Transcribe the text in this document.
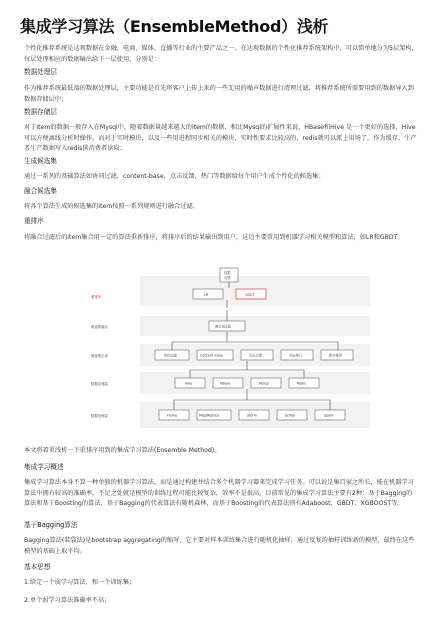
集成学习算法（EnsembleMethod）浅析
个性化推荐系统是达观数据在金融、电商、媒体、直播等行业的主要产品之一。在达观数据的个性化推荐系统架构中，可以简单地分为5层架构，每层处理相应的数据输出给下一层使用，分别是：
数据处理层
作为推荐系统最低端的数据处理层，主要功能是首先将客户上传上来的一些无用的噪声数据进行清理过滤，将推荐系统所需要用到的数据导入到数据存储层中；
数据存储层
对于item的数据一般存入在Mysql中，随着数据量越来越大的item的数据，相比Mysql的扩展性来说，HBase和Hive 是一个更好的选择，Hive可以方便离线分析时操作。而对于实时模块，以及一些用进程同步相关的模块，实时性要求比较高的，redis就可以派上用场了，作为缓存，生产者生产数据写入redis供消费者读取；
生成候选集
通过一系列的基础算法如协同过滤，content-base，点击反馈，热门等数据给每个用户生成个性化的候选集；
融合候选集
将各个算法生成的候选集的item按照一系列规则进行融合过滤。
重排序
将融合过滤后的item集合用一定的算法重新排序，将排序后的结果输出到用户，这边主要常用到机器学习相关模型和算法，如LR和GBDT。
重排序
候选集融合
候选集生成
数据存储层
数据处理层
结果
反馈
LR	GBDT
融合&过滤
协同过滤	Content -base	点击反馈	点击热门	新补推荐
Hive	HBase	Mysql	Redis
Flume	Map/Reduce	Storm	Scribe	Spark
本文将着重浅析一下重排序用到的集成学习算法(Ensemble Method)。
集成学习概述
集成学习算法本身不算一种单独的机器学习算法，而是通过构建并结合多个机器学习器来完成学习任务。可以说是集百家之所长，能在机器学习算法中拥有较高的准确率，不足之处就是模型的训练过程可能比较复杂，效率不是很高。目前常见的集成学习算法主要有2种：基于Bagging的算法和基于Boosting的算法，基于Bagging的代表算法有随机森林，而基于Boosting的代表算法则有Adaboost、GBDT、XGBOOST等。
基于Bagging算法
Bagging算法(装袋法)是bootstrap aggregating的缩写，它主要对样本训练集合进行随机化抽样，通过反复的抽样训练新的模型，最终在这些模型的基础上取平均。
基本思想
1.给定一个弱学习算法，和一个训练集；
2.单个弱学习算法准确率不高；
